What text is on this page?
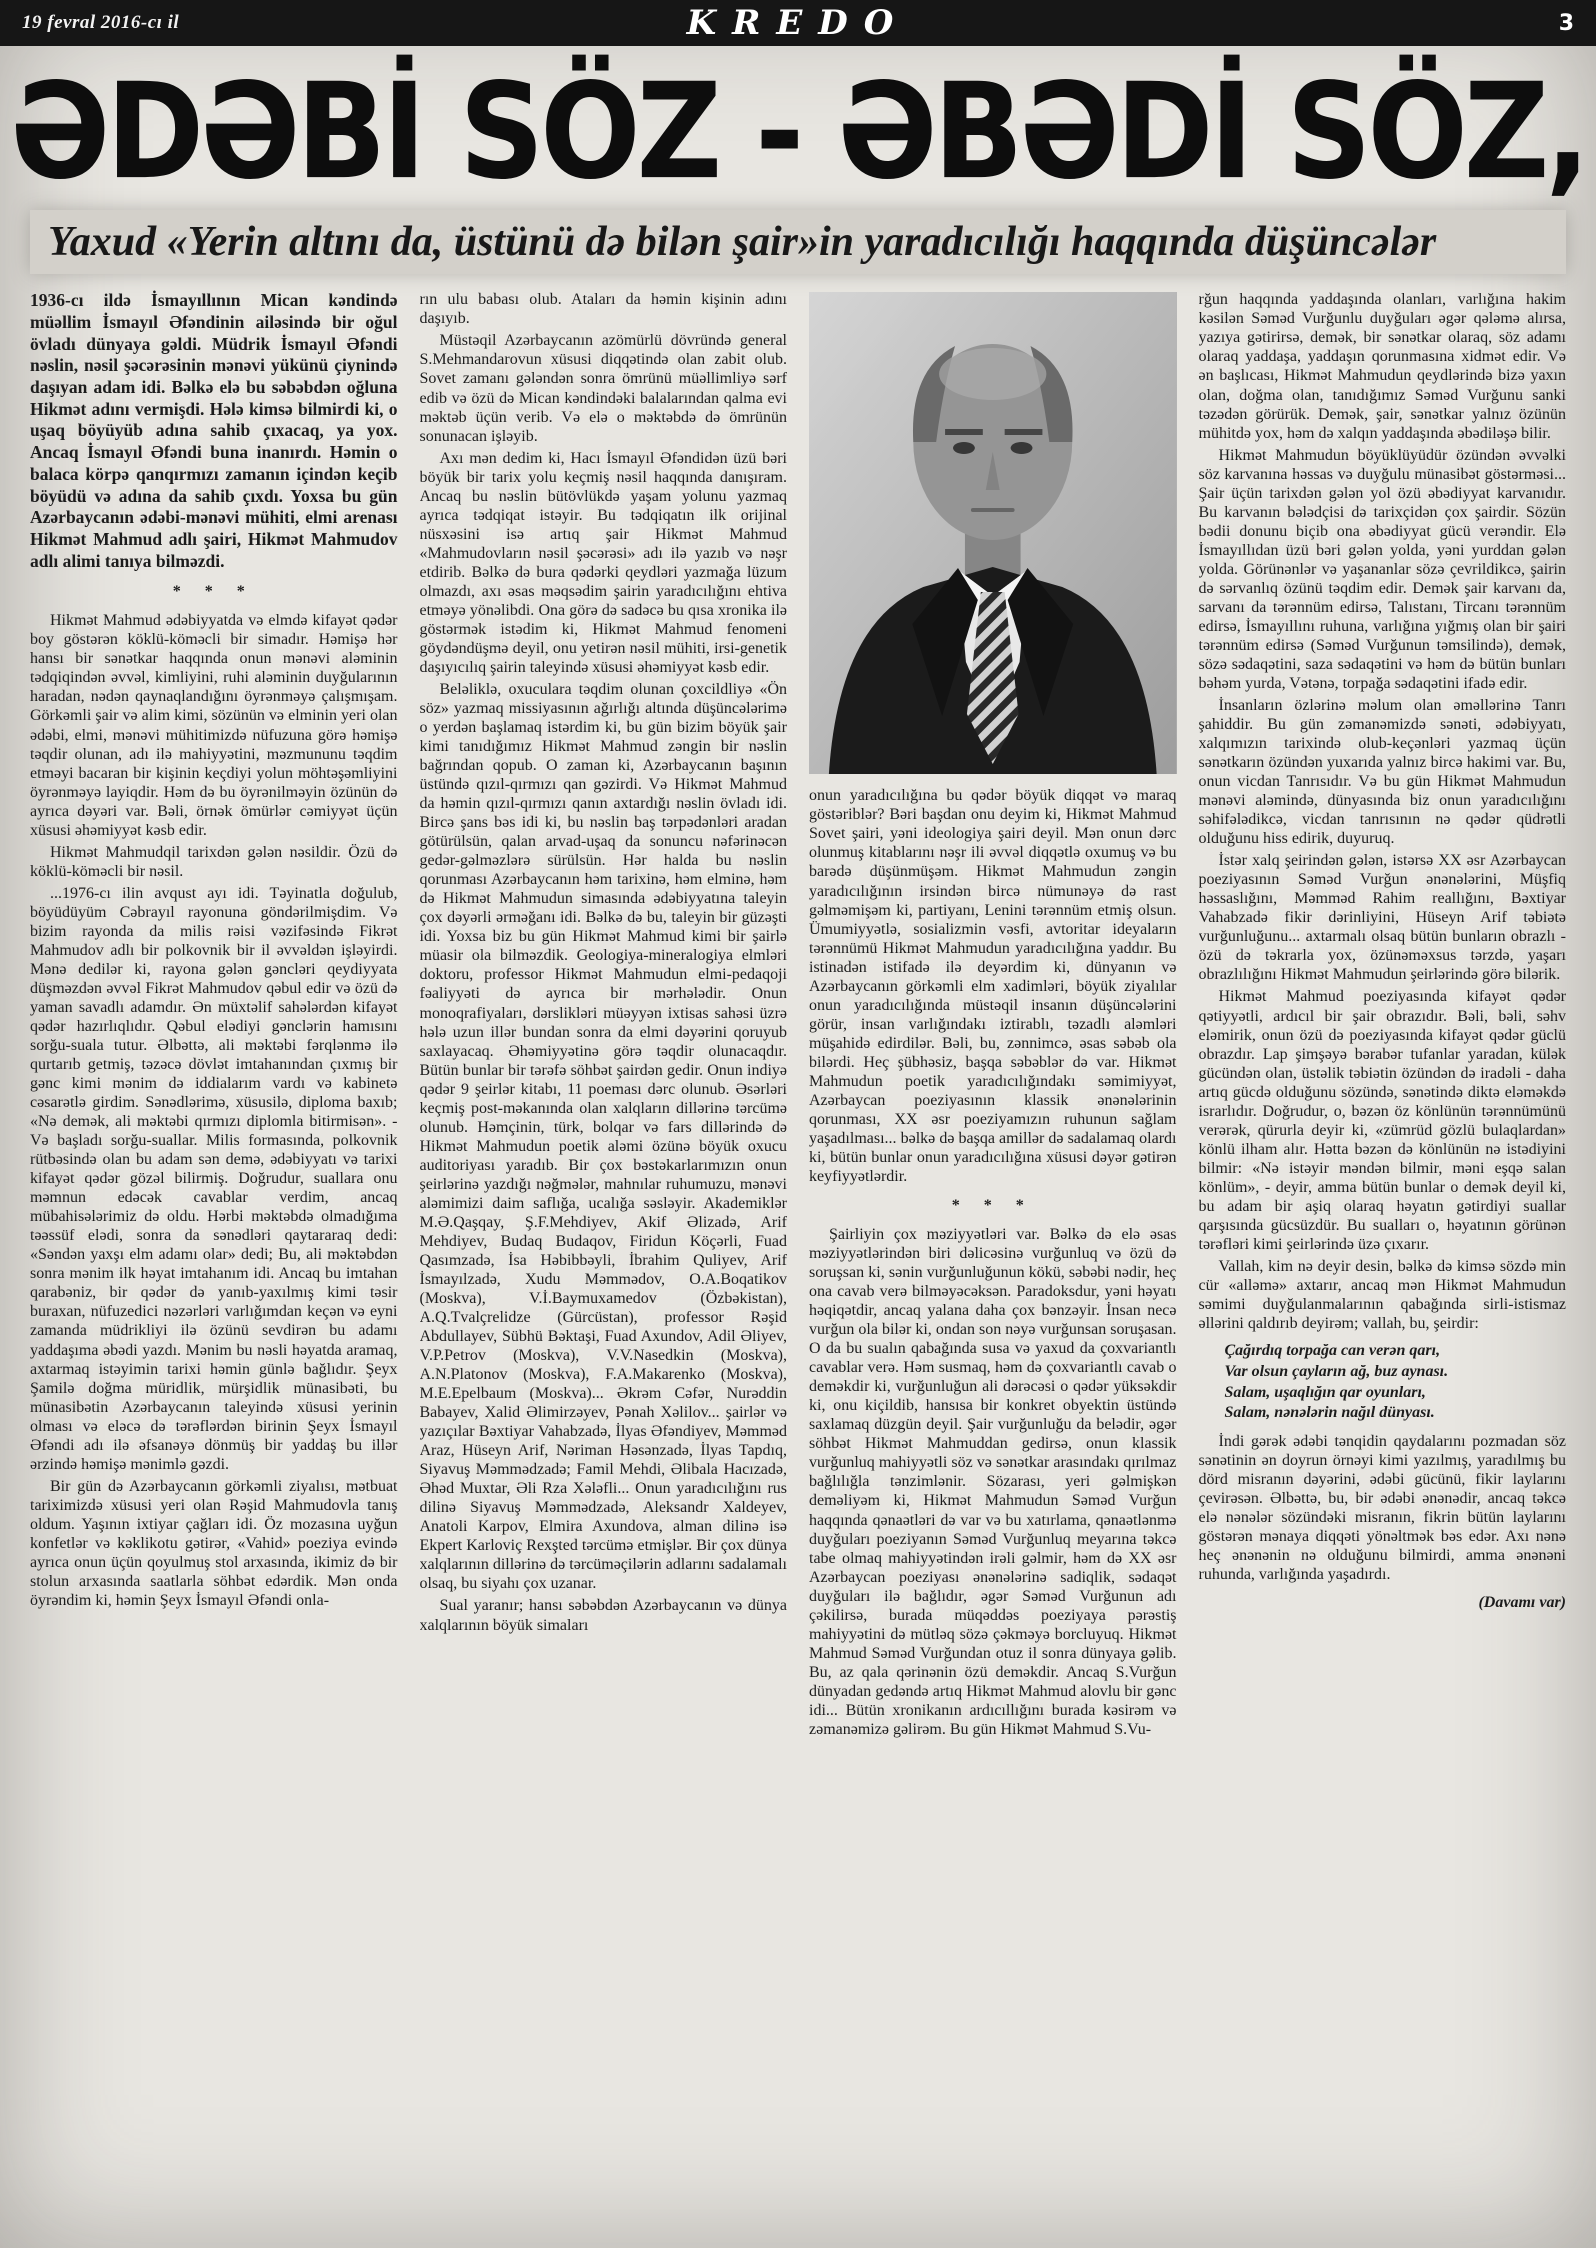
19 fevral 2016-cı il	KREDO	3
ƏDƏBİ SÖZ - ƏBƏDİ SÖZ,
Yaxud «Yerin altını da, üstünü də bilən şair»in yaradıcılığı haqqında düşüncələr

1936-cı ildə İsmayıllının Mican kəndində müəllim İsmayıl Əfəndinin ailəsində bir oğul övladı dünyaya gəldi. Müdrik İsmayıl Əfəndi nəslin, nəsil şəcərəsinin mənəvi yükünü çiynində daşıyan adam idi. Bəlkə elə bu səbəbdən oğluna Hikmət adını vermişdi. Hələ kimsə bilmirdi ki, o uşaq böyüyüb adına sahib çıxacaq, ya yox. Ancaq İsmayıl Əfəndi buna inanırdı. Həmin o balaca körpə qanqırmızı zamanın içindən keçib böyüdü və adına da sahib çıxdı. Yoxsa bu gün Azərbaycanın ədəbi-mənəvi mühiti, elmi arenası Hikmət Mahmud adlı şairi, Hikmət Mahmudov adlı alimi tanıya bilməzdi.

* * *

Hikmət Mahmud ədəbiyyatda və elmdə kifayət qədər boy göstərən köklü-köməcli bir simadır. Həmişə hər hansı bir sənətkar haqqında onun mənəvi aləminin tədqiqindən əvvəl, kimliyini, ruhi aləminin duyğularının haradan, nədən qaynaqlandığını öyrənməyə çalışmışam. Görkəmli şair və alim kimi, sözünün və elminin yeri olan ədəbi, elmi, mənəvi mühitimizdə nüfuzuna görə həmişə təqdir olunan, adı ilə mahiyyətini, məzmununu təqdim etməyi bacaran bir kişinin keçdiyi yolun möhtəşəmliyini öyrənməyə layiqdir. Həm də bu öyrənilməyin özünün də ayrıca dəyəri var. Bəli, örnək ömürlər cəmiyyət üçün xüsusi əhəmiyyət kəsb edir.

Hikmət Mahmudqil tarixdən gələn nəsildir. Özü də köklü-köməcli bir nəsil.

...1976-cı ilin avqust ayı idi. Təyinatla doğulub, böyüdüyüm Cəbrayıl rayonuna göndərilmişdim. Və bizim rayonda da milis rəisi vəzifəsində Fikrət Mahmudov adlı bir polkovnik bir il əvvəldən işləyirdi. Mənə dedilər ki, rayona gələn gəncləri qeydiyyata düşməzdən əvvəl Fikrət Mahmudov qəbul edir və özü də yaman savadlı adamdır. Ən müxtəlif sahələrdən kifayət qədər hazırlıqlıdır. Qəbul elədiyi gənclərin hamısını sorğu-suala tutur. Əlbəttə, ali məktəbi fərqlənmə ilə qurtarıb getmiş, təzəcə dövlət imtahanından çıxmış bir gənc kimi mənim də iddialarım vardı və kabinetə cəsarətlə girdim. Sənədlərimə, xüsusilə, diploma baxıb; «Nə demək, ali məktəbi qırmızı diplomla bitirmisən». - Və başladı sorğu-suallar. Milis formasında, polkovnik rütbəsində olan bu adam sən demə, ədəbiyyatı və tarixi kifayət qədər gözəl bilirmiş. Doğrudur, suallara onu məmnun edəcək cavablar verdim, ancaq mübahisələrimiz də oldu. Hərbi məktəbdə olmadığıma təəssüf elədi, sonra da sənədləri qaytararaq dedi: «Səndən yaxşı elm adamı olar» dedi; Bu, ali məktəbdən sonra mənim ilk həyat imtahanım idi. Ancaq bu imtahan qarabəniz, bir qədər də yanıb-yaxılmış kimi təsir buraxan, nüfuzedici nəzərləri varlığımdan keçən və eyni zamanda müdrikliyi ilə özünü sevdirən bu adamı yaddaşıma əbədi yazdı. Mənim bu nəsli həyatda aramaq, axtarmaq istəyimin tarixi həmin günlə bağlıdır. Şeyx Şamilə doğma müridlik, mürşidlik münasibəti, bu münasibətin Azərbaycanın taleyində xüsusi yerinin olması və eləcə də tərəflərdən birinin Şeyx İsmayıl Əfəndi adı ilə əfsanəyə dönmüş bir yaddaş bu illər ərzində həmişə mənimlə gəzdi.

Bir gün də Azərbaycanın görkəmli ziyalısı, mətbuat tariximizdə xüsusi yeri olan Rəşid Mahmudovla tanış oldum. Yaşının ixtiyar çağları idi. Öz mozasına uyğun konfetlər və kəklikotu gətirər, «Vahid» poeziya evində ayrıca onun üçün qoyulmuş stol arxasında, ikimiz də bir stolun arxasında saatlarla söhbət edərdik. Mən onda öyrəndim ki, həmin Şeyx İsmayıl Əfəndi onla-

rın ulu babası olub. Ataları da həmin kişinin adını daşıyıb.

Müstəqil Azərbaycanın azömürlü dövründə general S.Mehmandarovun xüsusi diqqətində olan zabit olub. Sovet zamanı gələndən sonra ömrünü müəllimliyə sərf edib və özü də Mican kəndindəki balalarından qalma evi məktəb üçün verib. Və elə o məktəbdə də ömrünün sonunacan işləyib.

Axı mən dedim ki, Hacı İsmayıl Əfəndidən üzü bəri böyük bir tarix yolu keçmiş nəsil haqqında danışıram. Ancaq bu nəslin bütövlükdə yaşam yolunu yazmaq ayrıca tədqiqat istəyir. Bu tədqiqatın ilk orijinal nüsxəsini isə artıq şair Hikmət Mahmud «Mahmudovların nəsil şəcərəsi» adı ilə yazıb və nəşr etdirib. Bəlkə də bura qədərki qeydləri yazmağa lüzum olmazdı, axı əsas məqsədim şairin yaradıcılığını ehtiva etməyə yönəlibdi. Ona görə də sadəcə bu qısa xronika ilə göstərmək istədim ki, Hikmət Mahmud fenomeni göydəndüşmə deyil, onu yetirən nəsil mühiti, irsi-genetik daşıyıcılıq şairin taleyində xüsusi əhəmiyyət kəsb edir.

Beləliklə, oxuculara təqdim olunan çoxcildliyə «Ön söz» yazmaq missiyasının ağırlığı altında düşüncələrimə o yerdən başlamaq istərdim ki, bu gün bizim böyük şair kimi tanıdığımız Hikmət Mahmud zəngin bir nəslin bağrından qopub. O zaman ki, Azərbaycanın başının üstündə qızıl-qırmızı qan gəzirdi. Və Hikmət Mahmud da həmin qızıl-qırmızı qanın axtardığı nəslin övladı idi. Bircə şans bəs idi ki, bu nəslin baş tərpədənləri aradan götürülsün, qalan arvad-uşaq da sonuncu nəfərinəcən gedər-gəlməzlərə sürülsün. Hər halda bu nəslin qorunması Azərbaycanın həm tarixinə, həm elminə, həm də Hikmət Mahmudun simasında ədəbiyyatına taleyin çox dəyərli ərməğanı idi. Bəlkə də bu, taleyin bir güzəşti idi. Yoxsa biz bu gün Hikmət Mahmud kimi bir şairlə müasir ola bilməzdik. Geologiya-mineralogiya elmləri doktoru, professor Hikmət Mahmudun elmi-pedaqoji fəaliyyəti də ayrıca bir mərhələdir. Onun monoqrafiyaları, dərslikləri müəyyən ixtisas sahəsi üzrə hələ uzun illər bundan sonra da elmi dəyərini qoruyub saxlayacaq. Əhəmiyyətinə görə təqdir olunacaqdır. Bütün bunlar bir tərəfə söhbət şairdən gedir. Onun indiyə qədər 9 şeirlər kitabı, 11 poeması dərc olunub. Əsərləri keçmiş post-məkanında olan xalqların dillərinə tərcümə olunub. Həmçinin, türk, bolqar və fars dillərində də Hikmət Mahmudun poetik aləmi özünə böyük oxucu auditoriyası yaradıb. Bir çox bəstəkarlarımızın onun şeirlərinə yazdığı nəğmələr, mahnılar ruhumuzu, mənəvi aləmimizi daim saflığa, ucalığa səsləyir. Akademiklər M.Ə.Qaşqay, Ş.F.Mehdiyev, Akif Əlizadə, Arif Mehdiyev, Budaq Budaqov, Firidun Köçərli, Fuad Qasımzadə, İsa Həbibbəyli, İbrahim Quliyev, Arif İsmayılzadə, Xudu Məmmədov, O.A.Boqatikov (Moskva), V.İ.Baymuxamedov (Özbəkistan), A.Q.Tvalçrelidze (Gürcüstan), professor Rəşid Abdullayev, Sübhü Bəktaşi, Fuad Axundov, Adil Əliyev, V.P.Petrov (Moskva), V.V.Nasedkin (Moskva), A.N.Platonov (Moskva), F.A.Makarenko (Moskva), M.E.Epelbaum (Moskva)... Əkrəm Cəfər, Nurəddin Babayev, Xalid Əlimirzəyev, Pənah Xəlilov... şairlər və yazıçılar Bəxtiyar Vahabzadə, İlyas Əfəndiyev, Məmməd Araz, Hüseyn Arif, Nəriman Həsənzadə, İlyas Tapdıq, Siyavuş Məmmədzadə; Famil Mehdi, Əlibala Hacızadə, Əhəd Muxtar, Əli Rza Xələfli... Onun yaradıcılığını rus dilinə Siyavuş Məmmədzadə, Aleksandr Xaldeyev, Anatoli Karpov, Elmira Axundova, alman dilinə isə Ekpert Karloviç Rexşted tərcümə etmişlər. Bir çox dünya xalqlarının dillərinə də tərcüməçilərin adlarını sadalamalı olsaq, bu siyahı çox uzanar.

Sual yaranır; hansı səbəbdən Azərbaycanın və dünya xalqlarının böyük simaları

onun yaradıcılığına bu qədər böyük diqqət və maraq göstəriblər? Bəri başdan onu deyim ki, Hikmət Mahmud Sovet şairi, yəni ideologiya şairi deyil. Mən onun dərc olunmuş kitablarını nəşr ili əvvəl diqqətlə oxumuş və bu barədə düşünmüşəm. Hikmət Mahmudun zəngin yaradıcılığının irsindən bircə nümunəyə də rast gəlməmişəm ki, partiyanı, Lenini tərənnüm etmiş olsun. Ümumiyyətlə, sosializmin vəsfi, avtoritar ideyaların tərənnümü Hikmət Mahmudun yaradıcılığına yaddır. Bu istinadən istifadə ilə deyərdim ki, dünyanın və Azərbaycanın görkəmli elm xadimləri, böyük ziyalılar onun yaradıcılığında müstəqil insanın düşüncələrini görür, insan varlığındakı iztirablı, təzadlı aləmləri müşahidə edirdilər. Bəli, bu, zənnimcə, əsas səbəb ola bilərdi. Heç şübhəsiz, başqa səbəblər də var. Hikmət Mahmudun poetik yaradıcılığındakı səmimiyyət, Azərbaycan poeziyasının klassik ənənələrinin qorunması, XX əsr poeziyamızın ruhunun sağlam yaşadılması... bəlkə də başqa amillər də sadalamaq olardı ki, bütün bunlar onun yaradıcılığına xüsusi dəyər gətirən keyfiyyətlərdir.

* * *

Şairliyin çox məziyyətləri var. Bəlkə də elə əsas məziyyətlərindən biri dəlicəsinə vurğunluq və özü də soruşsan ki, sənin vurğunluğunun kökü, səbəbi nədir, heç ona cavab verə bilməyəcəksən. Paradoksdur, yəni həyatı həqiqətdir, ancaq yalana daha çox bənzəyir. İnsan necə vurğun ola bilər ki, ondan son nəyə vurğunsan soruşasan. O da bu sualın qabağında susa və yaxud da çoxvariantlı cavablar verə. Həm susmaq, həm də çoxvariantlı cavab o deməkdir ki, vurğunluğun ali dərəcəsi o qədər yüksəkdir ki, onu kiçildib, hansısa bir konkret obyektin üstündə saxlamaq düzgün deyil. Şair vurğunluğu da belədir, əgər söhbət Hikmət Mahmuddan gedirsə, onun klassik vurğunluq mahiyyətli söz və sənətkar arasındakı qırılmaz bağlılığla tənzimlənir. Sözarası, yeri gəlmişkən deməliyəm ki, Hikmət Mahmudun Səməd Vurğun haqqında qənaətləri də var və bu xatırlama, qənaətlənmə duyğuları poeziyanın Səməd Vurğunluq meyarına təkcə tabe olmaq mahiyyətindən irəli gəlmir, həm də XX əsr Azərbaycan poeziyası ənənələrinə sadiqlik, sədaqət duyğuları ilə bağlıdır, əgər Səməd Vurğunun adı çəkilirsə, burada müqəddəs poeziyaya pərəstiş mahiyyətini də mütləq sözə çəkməyə borcluyuq. Hikmət Mahmud Səməd Vurğundan otuz il sonra dünyaya gəlib. Bu, az qala qərinənin özü deməkdir. Ancaq S.Vurğun dünyadan gedəndə artıq Hikmət Mahmud alovlu bir gənc idi... Bütün xronikanın ardıcıllığını burada kəsirəm və zəmanəmizə gəlirəm. Bu gün Hikmət Mahmud S.Vu-

rğun haqqında yaddaşında olanları, varlığına hakim kəsilən Səməd Vurğunlu duyğuları əgər qələmə alırsa, yazıya gətirirsə, demək, bir sənətkar olaraq, söz adamı olaraq yaddaşa, yaddaşın qorunmasına xidmət edir. Və ən başlıcası, Hikmət Mahmudun qeydlərində bizə yaxın olan, doğma olan, tanıdığımız Səməd Vurğunu sanki təzədən görürük. Demək, şair, sənətkar yalnız özünün mühitdə yox, həm də xalqın yaddaşında əbədiləşə bilir.

Hikmət Mahmudun böyüklüyüdür özündən əvvəlki söz karvanına həssas və duyğulu münasibət göstərməsi... Şair üçün tarixdən gələn yol özü əbədiyyat karvanıdır. Bu karvanın bələdçisi də tarixçidən çox şairdir. Sözün bədii donunu biçib ona əbədiyyat gücü verəndir. Elə İsmayıllıdan üzü bəri gələn yolda, yəni yurddan gələn yolda. Görünənlər və yaşananlar sözə çevrildikcə, şairin də sərvanlıq özünü təqdim edir. Demək şair karvanı da, sarvanı da tərənnüm edirsə, Talıstanı, Tircanı tərənnüm edirsə, İsmayıllını ruhuna, varlığına yığmış olan bir şairi tərənnüm edirsə (Səməd Vurğunun təmsilində), demək, sözə sədaqətini, saza sədaqətini və həm də bütün bunları bəhəm yurda, Vətənə, torpağa sədaqətini ifadə edir.

İnsanların özlərinə məlum olan əməllərinə Tanrı şahiddir. Bu gün zəmanəmizdə sənəti, ədəbiyyatı, xalqımızın tarixində olub-keçənləri yazmaq üçün sənətkarın özündən yuxarıda yalnız bircə hakimi var. Bu, onun vicdan Tanrısıdır. Və bu gün Hikmət Mahmudun mənəvi aləmində, dünyasında biz onun yaradıcılığını səhifələdikcə, vicdan tanrısının nə qədər qüdrətli olduğunu hiss edirik, duyuruq.

İstər xalq şeirindən gələn, istərsə XX əsr Azərbaycan poeziyasının Səməd Vurğun ənənələrini, Müşfiq həssaslığını, Məmməd Rahim reallığını, Bəxtiyar Vahabzadə fikir dərinliyini, Hüseyn Arif təbiətə vurğunluğunu... axtarmalı olsaq bütün bunların obrazlı - özü də təkrarla yox, özünəməxsus tərzdə, yaşarı obrazlılığını Hikmət Mahmudun şeirlərində görə bilərik.

Hikmət Mahmud poeziyasında kifayət qədər qətiyyətli, ardıcıl bir şair obrazıdır. Bəli, bəli, səhv eləmirik, onun özü də poeziyasında kifayət qədər güclü obrazdır. Lap şimşəyə bərabər tufanlar yaradan, külək gücündən olan, üstəlik təbiətin özündən də iradəli - daha artıq gücdə olduğunu sözündə, sənətində diktə eləməkdə israrlıdır. Doğrudur, o, bəzən öz könlünün tərənnümünü verərək, qürurla deyir ki, «zümrüd gözlü bulaqlardan» könlü ilham alır. Hətta bəzən də könlünün nə istədiyini bilmir: «Nə istəyir məndən bilmir, məni eşqə salan könlüm», - deyir, amma bütün bunlar o demək deyil ki, bu adam bir aşiq olaraq həyatın gətirdiyi suallar qarşısında gücsüzdür. Bu sualları o, həyatının görünən tərəfləri kimi şeirlərində üzə çıxarır.

Vallah, kim nə deyir desin, bəlkə də kimsə sözdə min cür «alləmə» axtarır, ancaq mən Hikmət Mahmudun səmimi duyğulanmalarının qabağında sirli-istismaz əllərini qaldırıb deyirəm; vallah, bu, şeirdir:

Çağırdıq torpağa can verən qarı,
Var olsun çayların ağ, buz aynası.
Salam, uşaqlığın qar oyunları,
Salam, nənələrin nağıl dünyası.

İndi gərək ədəbi tənqidin qaydalarını pozmadan söz sənətinin ən doyrun örnəyi kimi yazılmış, yaradılmış bu dörd misranın dəyərini, ədəbi gücünü, fikir laylarını çevirəsən. Əlbəttə, bu, bir ədəbi ənənədir, ancaq təkcə elə nənələr sözündəki misranın, fikrin bütün laylarını göstərən mənaya diqqəti yönəltmək bəs edər. Axı nənə heç ənənənin nə olduğunu bilmirdi, amma ənənəni ruhunda, varlığında yaşadırdı.

(Davamı var)
